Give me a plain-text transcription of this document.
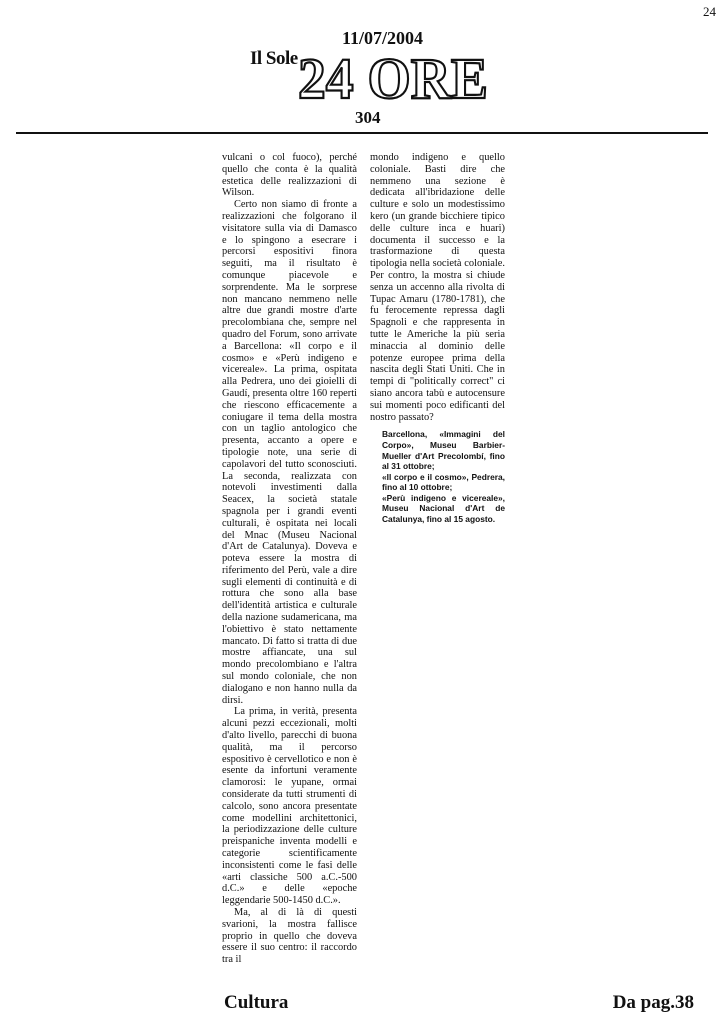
24
11/07/2004
Il Sole 24 ORE
304

vulcani o col fuoco), perché quello che conta è la qualità estetica delle realizzazioni di Wilson.

Certo non siamo di fronte a realizzazioni che folgorano il visitatore sulla via di Damasco e lo spingono a esecrare i percorsi espositivi finora seguiti, ma il risultato è comunque piacevole e sorprendente. Ma le sorprese non mancano nemmeno nelle altre due grandi mostre d'arte precolombiana che, sempre nel quadro del Forum, sono arrivate a Barcellona: «Il corpo e il cosmo» e «Perù indigeno e vicereale». La prima, ospitata alla Pedrera, uno dei gioielli di Gaudí, presenta oltre 160 reperti che riescono efficacemente a coniugare il tema della mostra con un taglio antologico che presenta, accanto a opere e tipologie note, una serie di capolavori del tutto sconosciuti. La seconda, realizzata con notevoli investimenti dalla Seacex, la società statale spagnola per i grandi eventi culturali, è ospitata nei locali del Mnac (Museu Nacional d'Art de Catalunya). Doveva e poteva essere la mostra di riferimento del Perù, vale a dire sugli elementi di continuità e di rottura che sono alla base dell'identità artistica e culturale della nazione sudamericana, ma l'obiettivo è stato nettamente mancato. Di fatto si tratta di due mostre affiancate, una sul mondo precolombiano e l'altra sul mondo coloniale, che non dialogano e non hanno nulla da dirsi.

La prima, in verità, presenta alcuni pezzi eccezionali, molti d'alto livello, parecchi di buona qualità, ma il percorso espositivo è cervellotico e non è esente da infortuni veramente clamorosi: le yupane, ormai considerate da tutti strumenti di calcolo, sono ancora presentate come modellini architettonici, la periodizzazione delle culture preispaniche inventa modelli e categorie scientificamente inconsistenti come le fasi delle «arti classiche 500 a.C.-500 d.C.» e delle «epoche leggendarie 500-1450 d.C.».

Ma, al di là di questi svarioni, la mostra fallisce proprio in quello che doveva essere il suo centro: il raccordo tra il

mondo indigeno e quello coloniale. Basti dire che nemmeno una sezione è dedicata all'ibridazione delle culture e solo un modestissimo kero (un grande bicchiere tipico delle culture inca e huari) documenta il successo e la trasformazione di questa tipologia nella società coloniale. Per contro, la mostra si chiude senza un accenno alla rivolta di Tupac Amaru (1780-1781), che fu ferocemente repressa dagli Spagnoli e che rappresenta in tutte le Americhe la più seria minaccia al dominio delle potenze europee prima della nascita degli Stati Uniti. Che in tempi di "politically correct" ci siano ancora tabù e autocensure sui momenti poco edificanti del nostro passato?

Barcellona, «Immagini del Corpo», Museu Barbier-Mueller d'Art Precolombí, fino al 31 ottobre;

«Il corpo e il cosmo», Pedrera, fino al 10 ottobre;

«Perù indigeno e vicereale», Museu Nacional d'Art de Catalunya, fino al 15 agosto.

Cultura	Da pag.38
